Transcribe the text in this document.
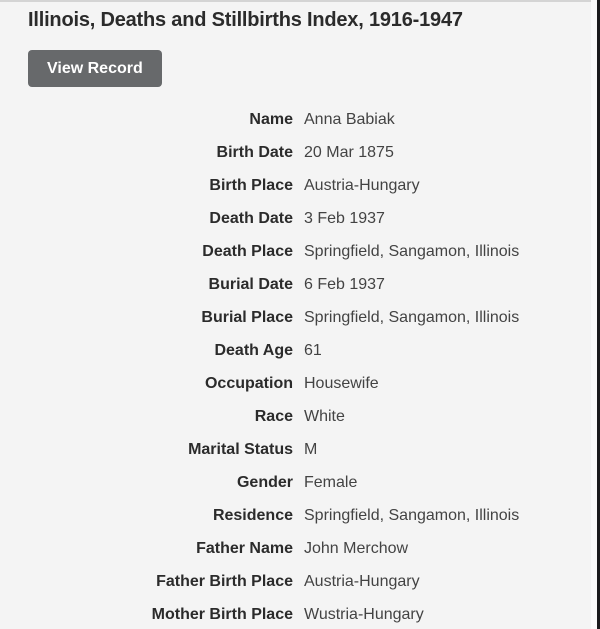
Illinois, Deaths and Stillbirths Index, 1916-1947
View Record
Name Anna Babiak
Birth Date 20 Mar 1875
Birth Place Austria-Hungary
Death Date 3 Feb 1937
Death Place Springfield, Sangamon, Illinois
Burial Date 6 Feb 1937
Burial Place Springfield, Sangamon, Illinois
Death Age 61
Occupation Housewife
Race White
Marital Status M
Gender Female
Residence Springfield, Sangamon, Illinois
Father Name John Merchow
Father Birth Place Austria-Hungary
Mother Birth Place Wustria-Hungary
